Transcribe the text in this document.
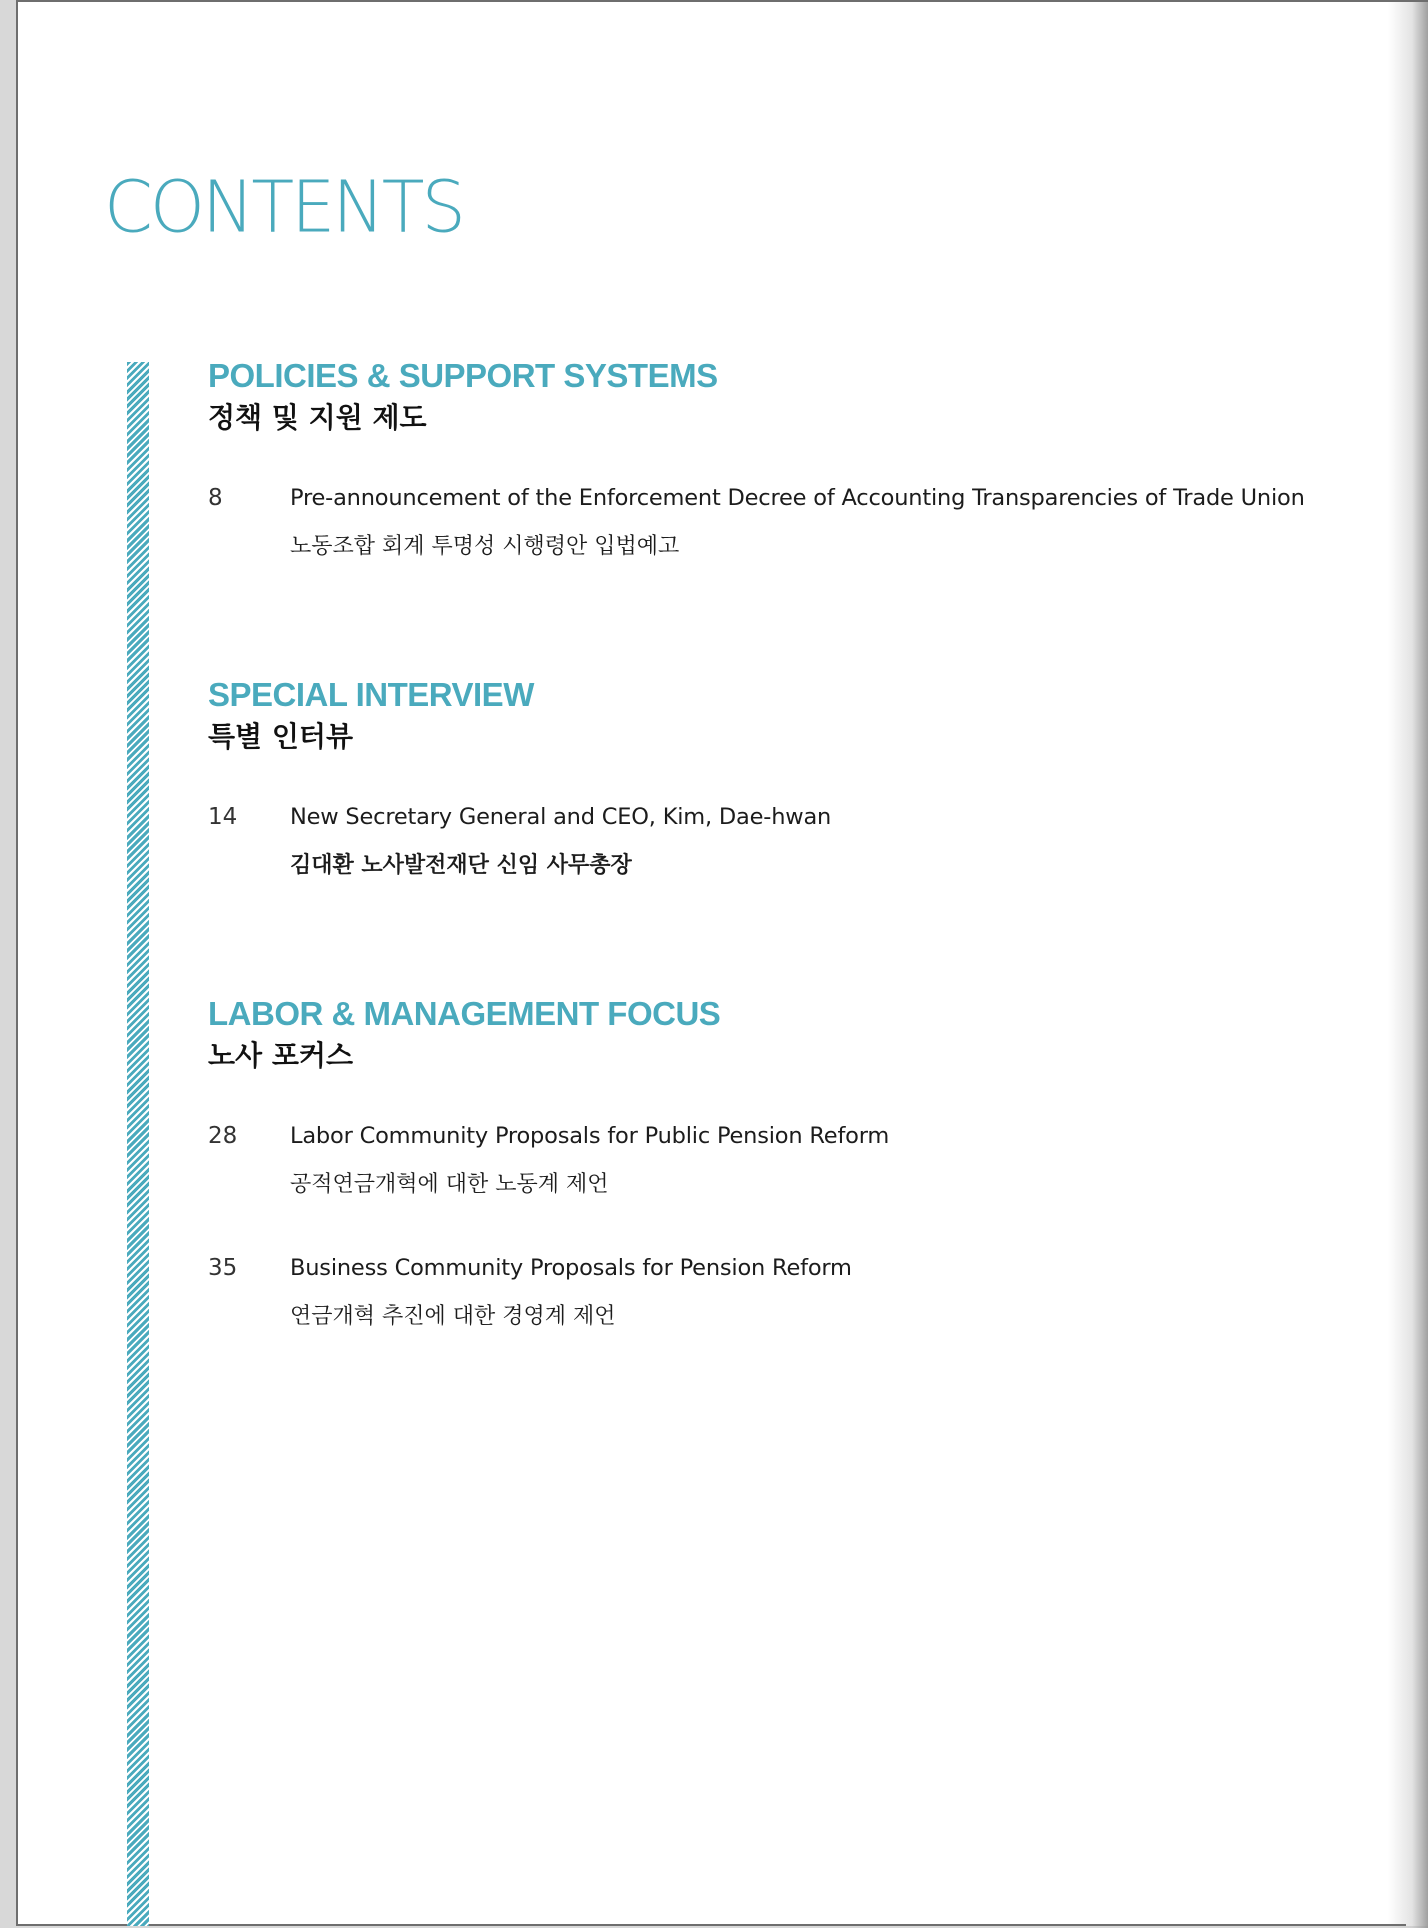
CONTENTS
POLICIES & SUPPORT SYSTEMS
정책 및 지원 제도
8	Pre-announcement of the Enforcement Decree of Accounting Transparencies of Trade Union
노동조합 회계 투명성 시행령안 입법예고
SPECIAL INTERVIEW
특별 인터뷰
14 New Secretary General and CEO, Kim, Dae-hwan
김대환 노사발전재단 신임 사무총장
LABOR & MANAGEMENT FOCUS
노사 포커스
28 Labor Community Proposals for Public Pension Reform
공적연금개혁에 대한 노동계 제언
35 Business Community Proposals for Pension Reform
연금개혁 추진에 대한 경영계 제언
